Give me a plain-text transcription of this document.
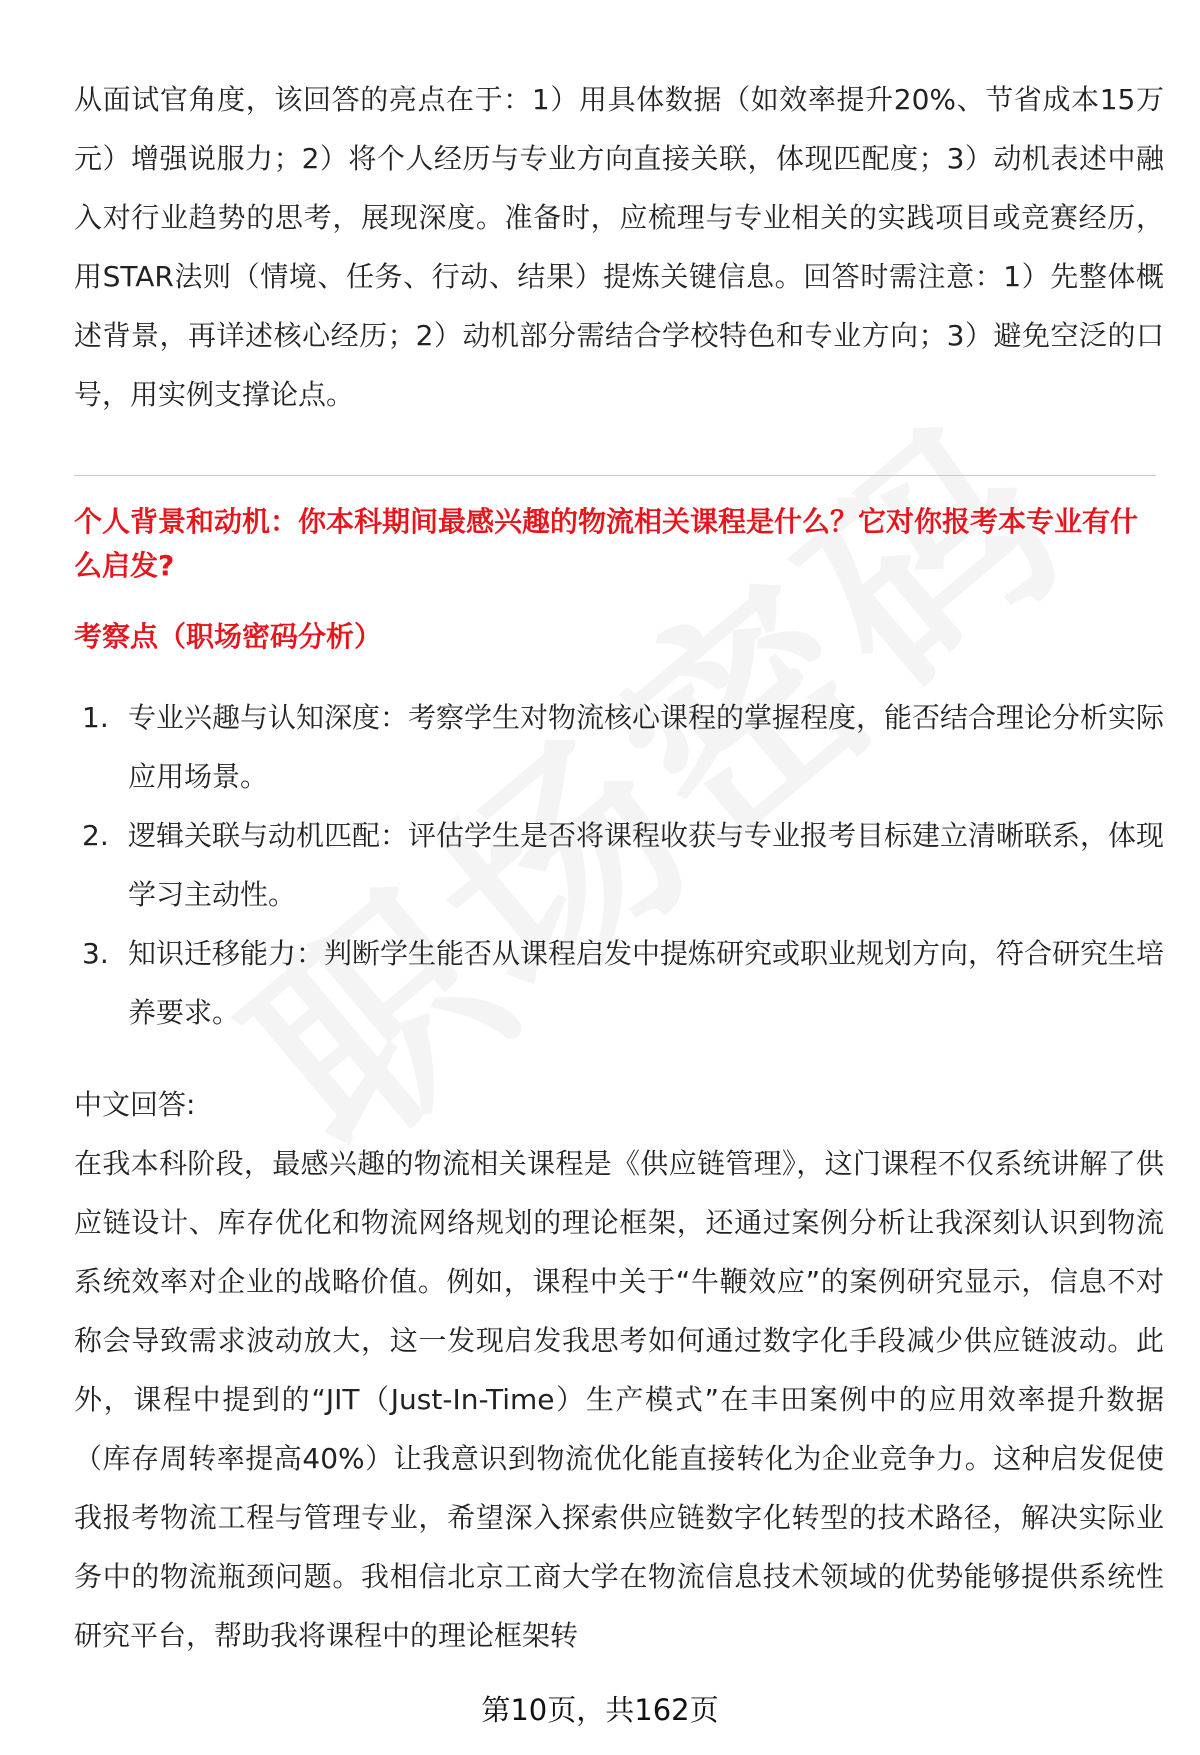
从面试官角度，该回答的亮点在于：1）用具体数据（如效率提升20%、节省成本15万元）增强说服力；2）将个人经历与专业方向直接关联，体现匹配度；3）动机表述中融入对行业趋势的思考，展现深度。准备时，应梳理与专业相关的实践项目或竞赛经历，用STAR法则（情境、任务、行动、结果）提炼关键信息。回答时需注意：1）先整体概述背景，再详述核心经历；2）动机部分需结合学校特色和专业方向；3）避免空泛的口号，用实例支撑论点。

个人背景和动机：你本科期间最感兴趣的物流相关课程是什么？它对你报考本专业有什么启发?

考察点（职场密码分析）

1. 专业兴趣与认知深度：考察学生对物流核心课程的掌握程度，能否结合理论分析实际应用场景。
2. 逻辑关联与动机匹配：评估学生是否将课程收获与专业报考目标建立清晰联系，体现学习主动性。
3. 知识迁移能力：判断学生能否从课程启发中提炼研究或职业规划方向，符合研究生培养要求。

中文回答:

在我本科阶段，最感兴趣的物流相关课程是《供应链管理》，这门课程不仅系统讲解了供应链设计、库存优化和物流网络规划的理论框架，还通过案例分析让我深刻认识到物流系统效率对企业的战略价值。例如，课程中关于“牛鞭效应”的案例研究显示，信息不对称会导致需求波动放大，这一发现启发我思考如何通过数字化手段减少供应链波动。此外，课程中提到的“JIT（Just-In-Time）生产模式”在丰田案例中的应用效率提升数据（库存周转率提高40%）让我意识到物流优化能直接转化为企业竞争力。这种启发促使我报考物流工程与管理专业，希望深入探索供应链数字化转型的技术路径，解决实际业务中的物流瓶颈问题。我相信北京工商大学在物流信息技术领域的优势能够提供系统性研究平台，帮助我将课程中的理论框架转

第10页，共162页
